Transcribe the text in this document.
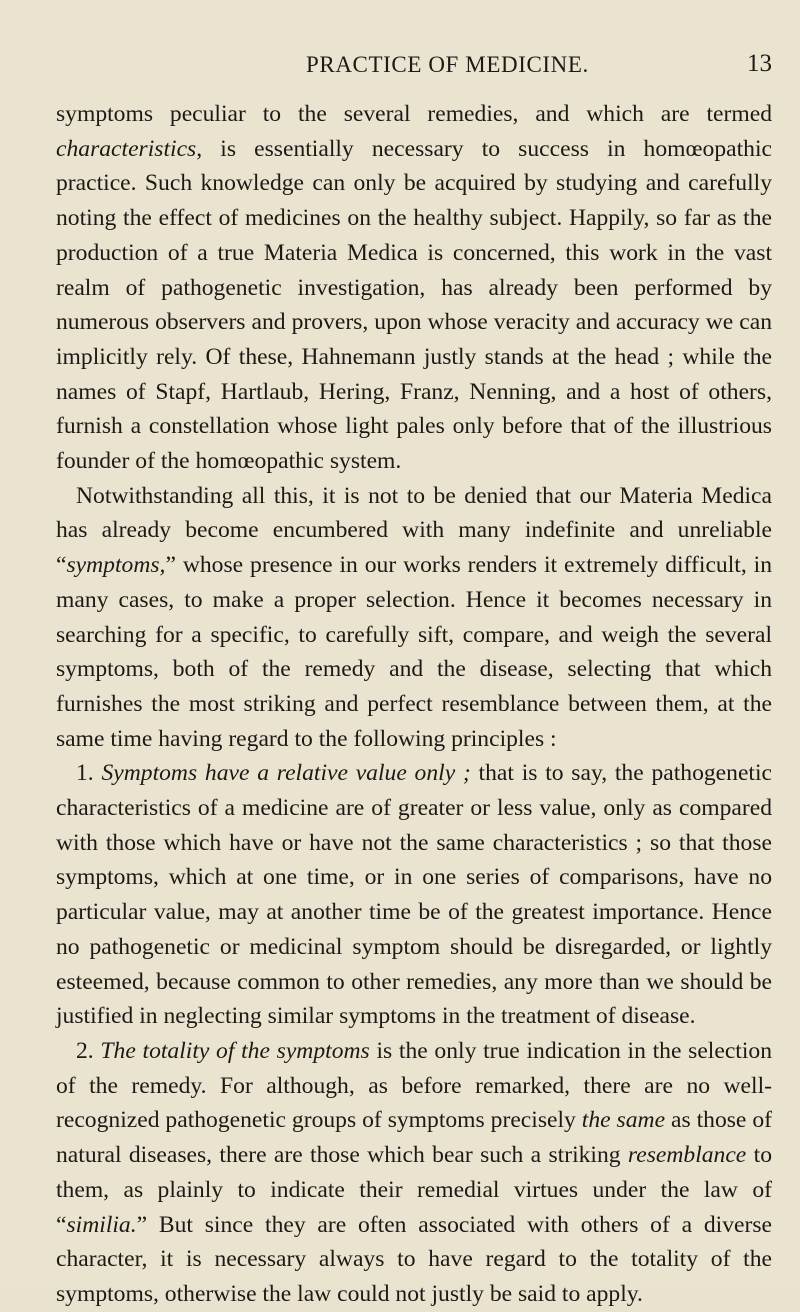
PRACTICE OF MEDICINE.	13

symptoms peculiar to the several remedies, and which are termed characteristics, is essentially necessary to success in homœopathic practice. Such knowledge can only be acquired by studying and carefully noting the effect of medicines on the healthy subject. Happily, so far as the production of a true Materia Medica is concerned, this work in the vast realm of pathogenetic investigation, has already been performed by numerous observers and provers, upon whose veracity and accuracy we can implicitly rely. Of these, Hahnemann justly stands at the head ; while the names of Stapf, Hartlaub, Hering, Franz, Nenning, and a host of others, furnish a constellation whose light pales only before that of the illustrious founder of the homœopathic system.

Notwithstanding all this, it is not to be denied that our Materia Medica has already become encumbered with many indefinite and unreliable “symptoms,” whose presence in our works renders it extremely difficult, in many cases, to make a proper selection. Hence it becomes necessary in searching for a specific, to carefully sift, compare, and weigh the several symptoms, both of the remedy and the disease, selecting that which furnishes the most striking and perfect resemblance between them, at the same time having regard to the following principles :

1. Symptoms have a relative value only ; that is to say, the pathogenetic characteristics of a medicine are of greater or less value, only as compared with those which have or have not the same characteristics ; so that those symptoms, which at one time, or in one series of comparisons, have no particular value, may at another time be of the greatest importance. Hence no pathogenetic or medicinal symptom should be disregarded, or lightly esteemed, because common to other remedies, any more than we should be justified in neglecting similar symptoms in the treatment of disease.

2. The totality of the symptoms is the only true indication in the selection of the remedy. For although, as before remarked, there are no well-recognized pathogenetic groups of symptoms precisely the same as those of natural diseases, there are those which bear such a striking resemblance to them, as plainly to indicate their remedial virtues under the law of “similia.” But since they are often associated with others of a diverse character, it is necessary always to have regard to the totality of the symptoms, otherwise the law could not justly be said to apply.
